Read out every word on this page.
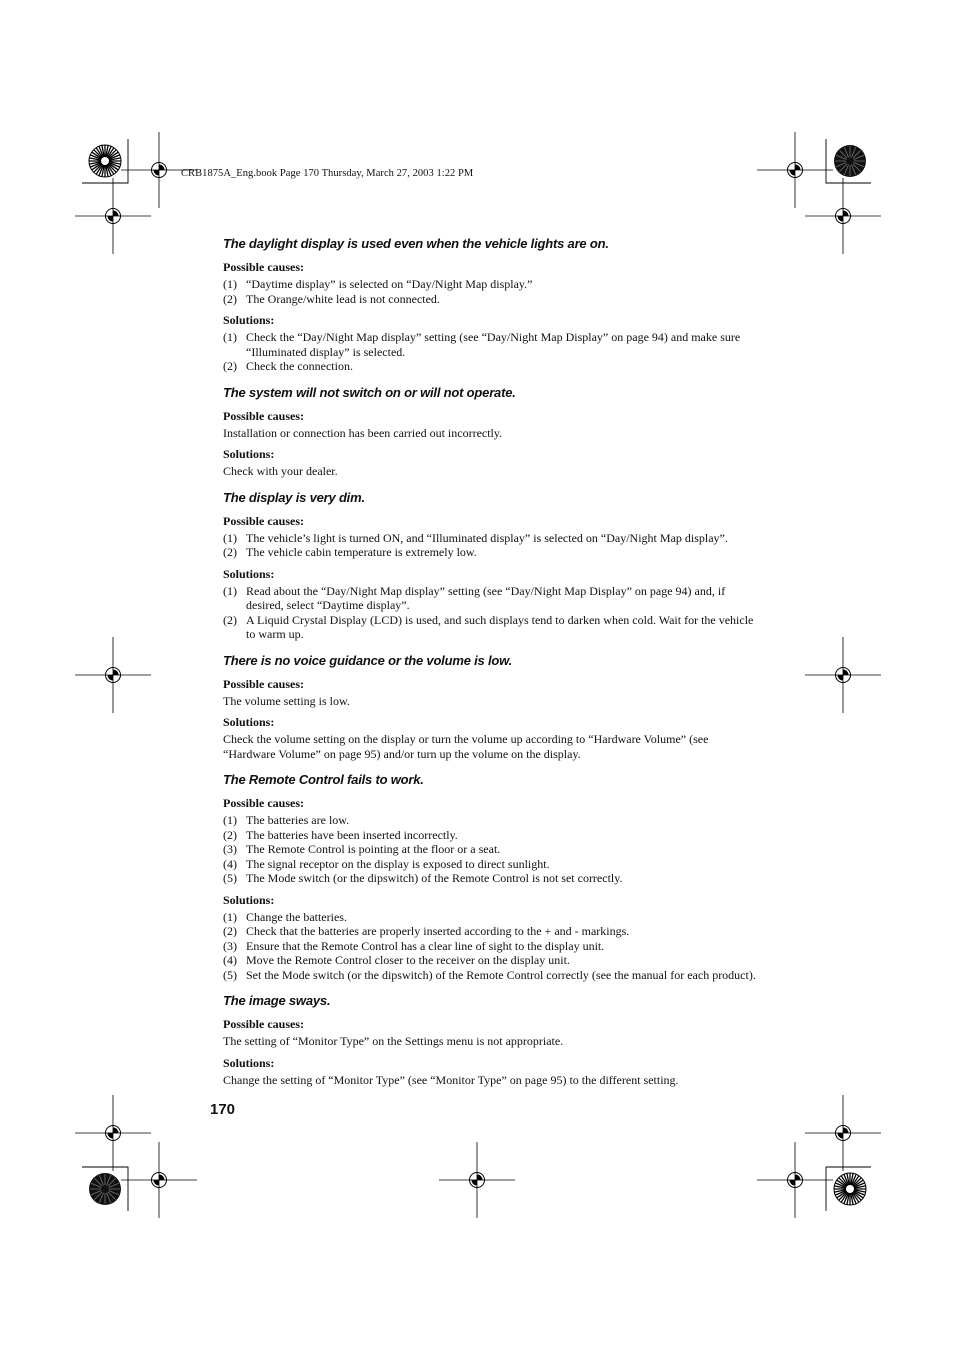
CRB1875A_Eng.book Page 170 Thursday, March 27, 2003 1:22 PM
The daylight display is used even when the vehicle lights are on.
Possible causes:
(1) “Daytime display” is selected on “Day/Night Map display.”
(2) The Orange/white lead is not connected.
Solutions:
(1) Check the “Day/Night Map display” setting (see “Day/Night Map Display” on page 94) and make sure “Illuminated display” is selected.
(2) Check the connection.
The system will not switch on or will not operate.
Possible causes:
Installation or connection has been carried out incorrectly.
Solutions:
Check with your dealer.
The display is very dim.
Possible causes:
(1) The vehicle’s light is turned ON, and “Illuminated display” is selected on “Day/Night Map display”.
(2) The vehicle cabin temperature is extremely low.
Solutions:
(1) Read about the “Day/Night Map display” setting (see “Day/Night Map Display” on page 94) and, if desired, select “Daytime display”.
(2) A Liquid Crystal Display (LCD) is used, and such displays tend to darken when cold. Wait for the vehicle to warm up.
There is no voice guidance or the volume is low.
Possible causes:
The volume setting is low.
Solutions:
Check the volume setting on the display or turn the volume up according to “Hardware Volume” (see “Hardware Volume” on page 95) and/or turn up the volume on the display.
The Remote Control fails to work.
Possible causes:
(1) The batteries are low.
(2) The batteries have been inserted incorrectly.
(3) The Remote Control is pointing at the floor or a seat.
(4) The signal receptor on the display is exposed to direct sunlight.
(5) The Mode switch (or the dipswitch) of the Remote Control is not set correctly.
Solutions:
(1) Change the batteries.
(2) Check that the batteries are properly inserted according to the + and - markings.
(3) Ensure that the Remote Control has a clear line of sight to the display unit.
(4) Move the Remote Control closer to the receiver on the display unit.
(5) Set the Mode switch (or the dipswitch) of the Remote Control correctly (see the manual for each product).
The image sways.
Possible causes:
The setting of “Monitor Type” on the Settings menu is not appropriate.
Solutions:
Change the setting of “Monitor Type” (see “Monitor Type” on page 95) to the different setting.
170
